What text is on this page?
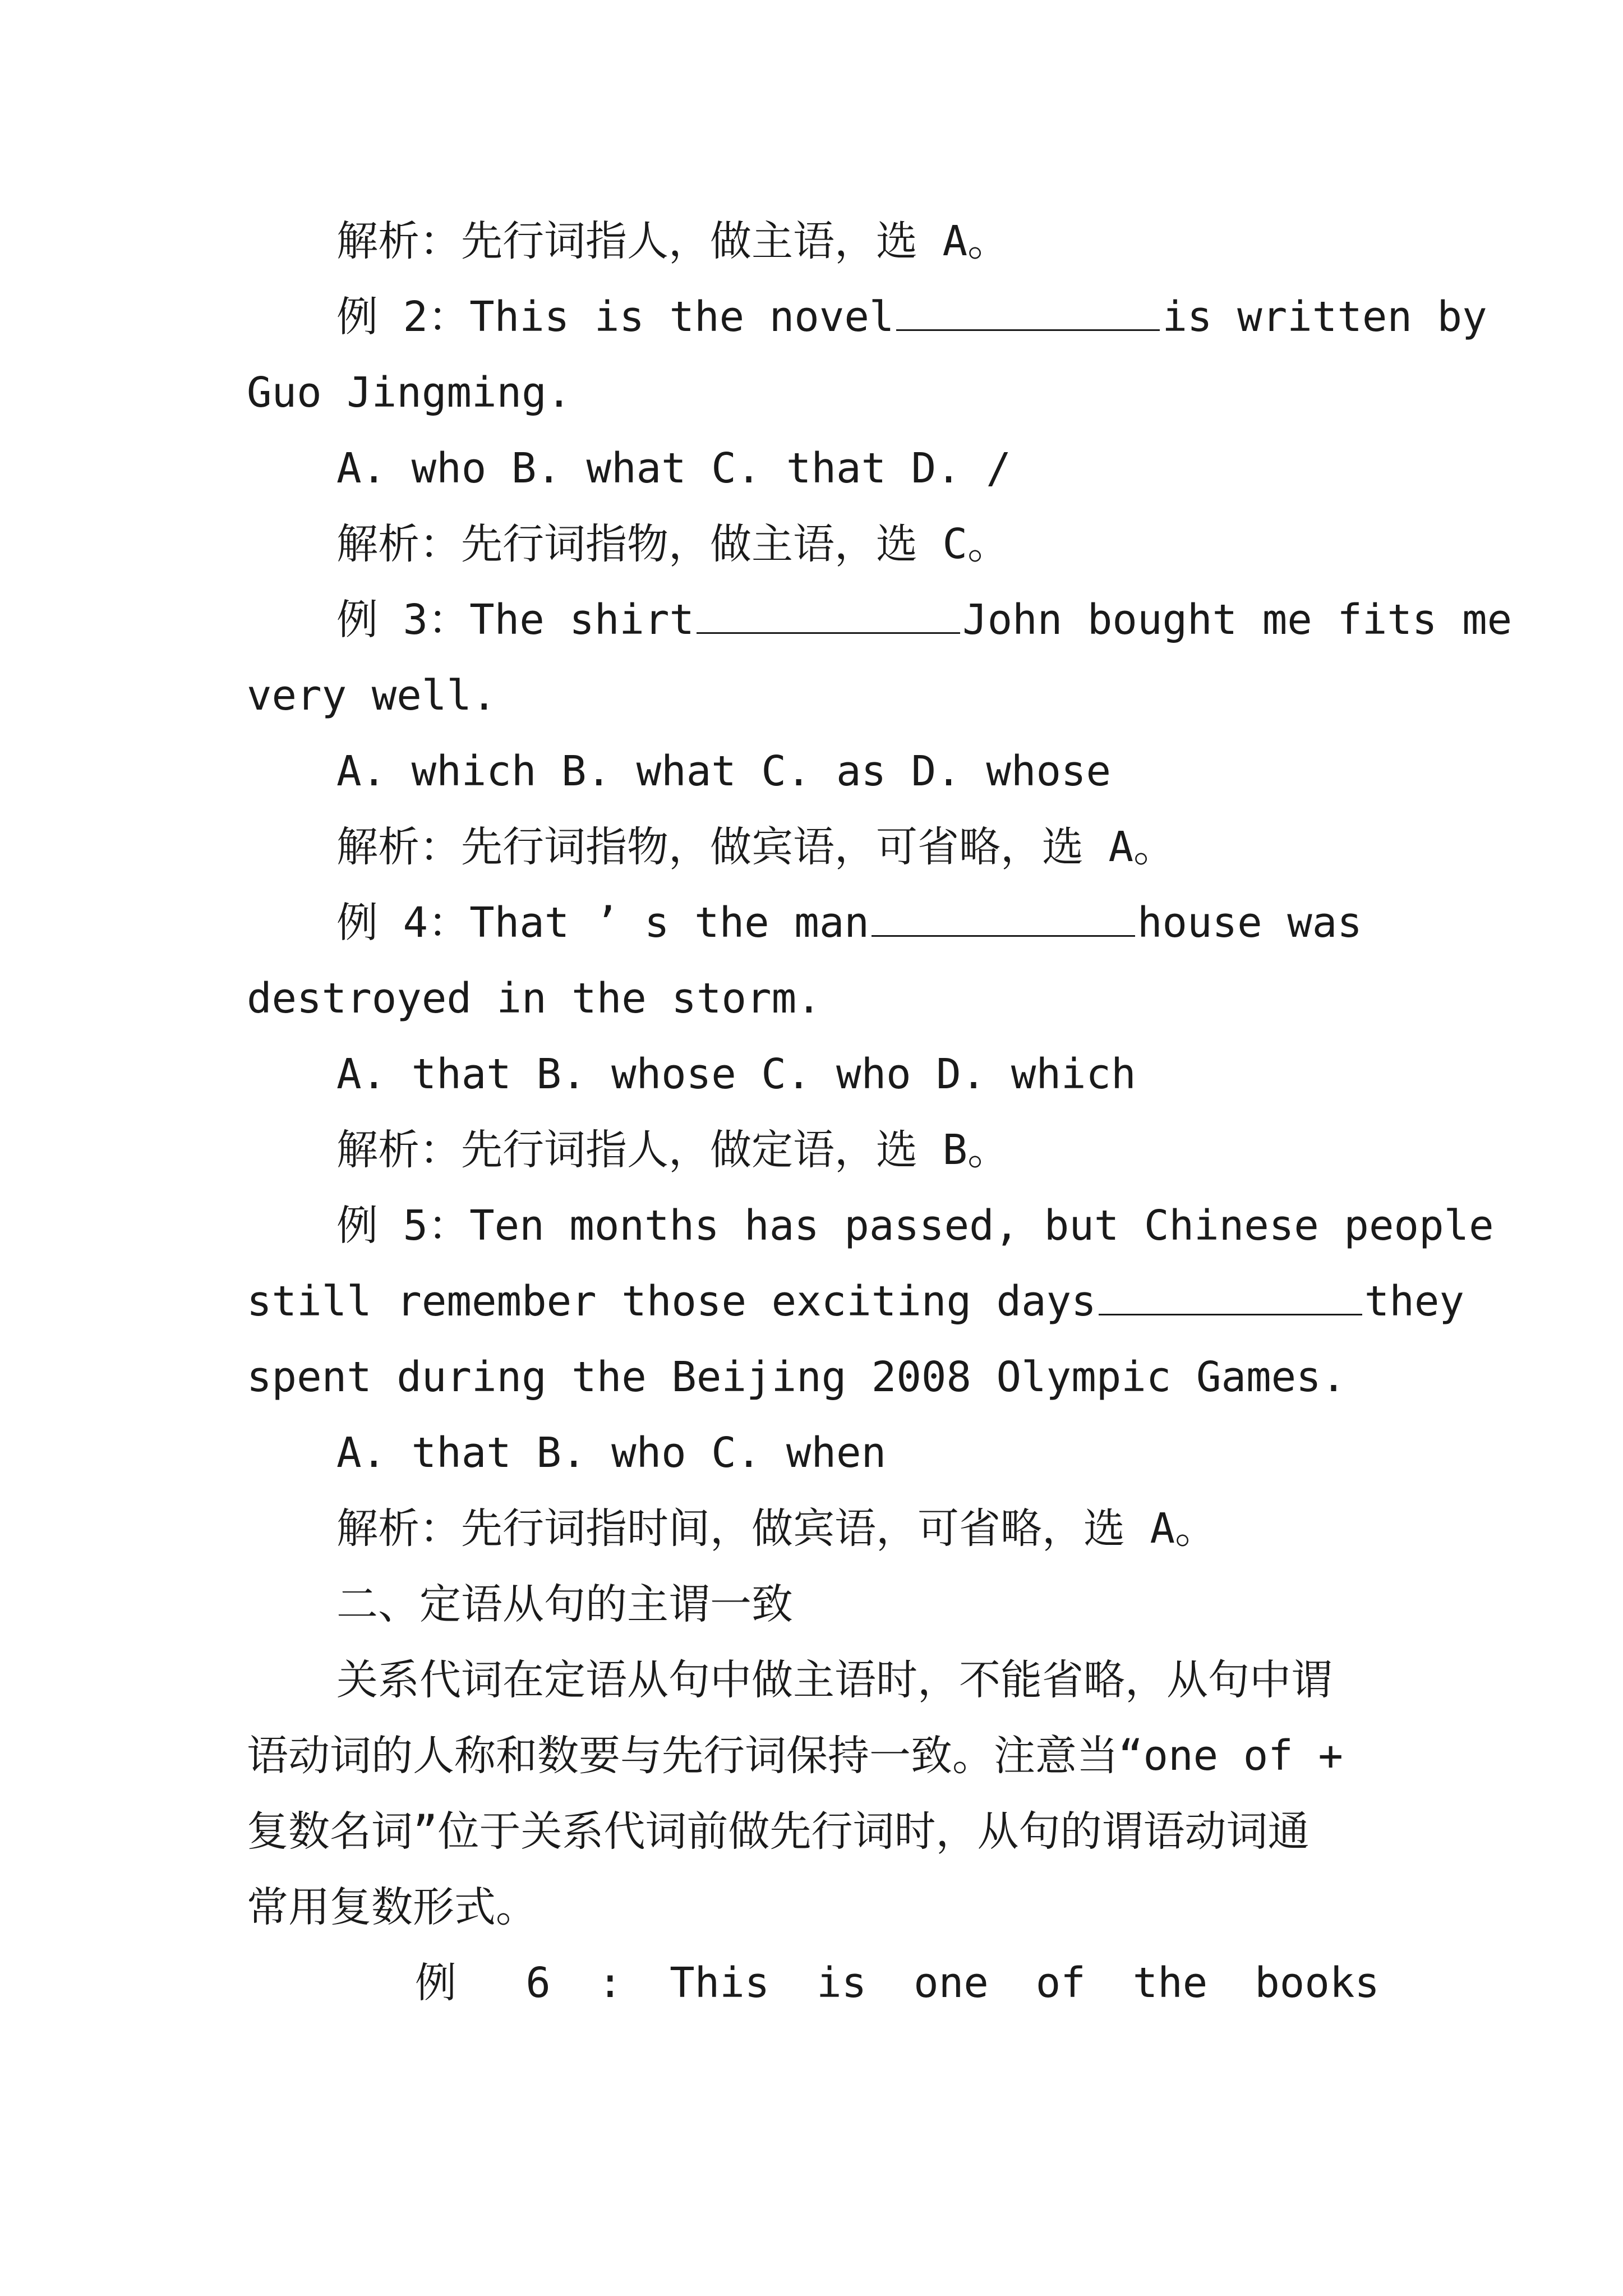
解析：先行词指人，做主语，选 A。
例 2：This is the novel	is written by
Guo Jingming.
A. who B. what C. that D. /
解析：先行词指物，做主语，选 C。
例 3：The shirt	John bought me fits me
very well.
A. which B. what C. as D. whose
解析：先行词指物，做宾语，可省略，选 A。
例 4：That ’ s the man	house was
destroyed in the storm.
A. that B. whose C. who D. which
解析：先行词指人，做定语，选 B。
例 5：Ten months has passed, but Chinese people
still remember those exciting days	they
spent during the Beijing 2008 Olympic Games.
A. that B. who C. when
解析：先行词指时间，做宾语，可省略，选 A。
二、定语从句的主谓一致
关系代词在定语从句中做主语时，不能省略，从句中谓
语动词的人称和数要与先行词保持一致。注意当“one of +
复数名词”位于关系代词前做先行词时，从句的谓语动词通
常用复数形式。
例 6 : This is one of the books
